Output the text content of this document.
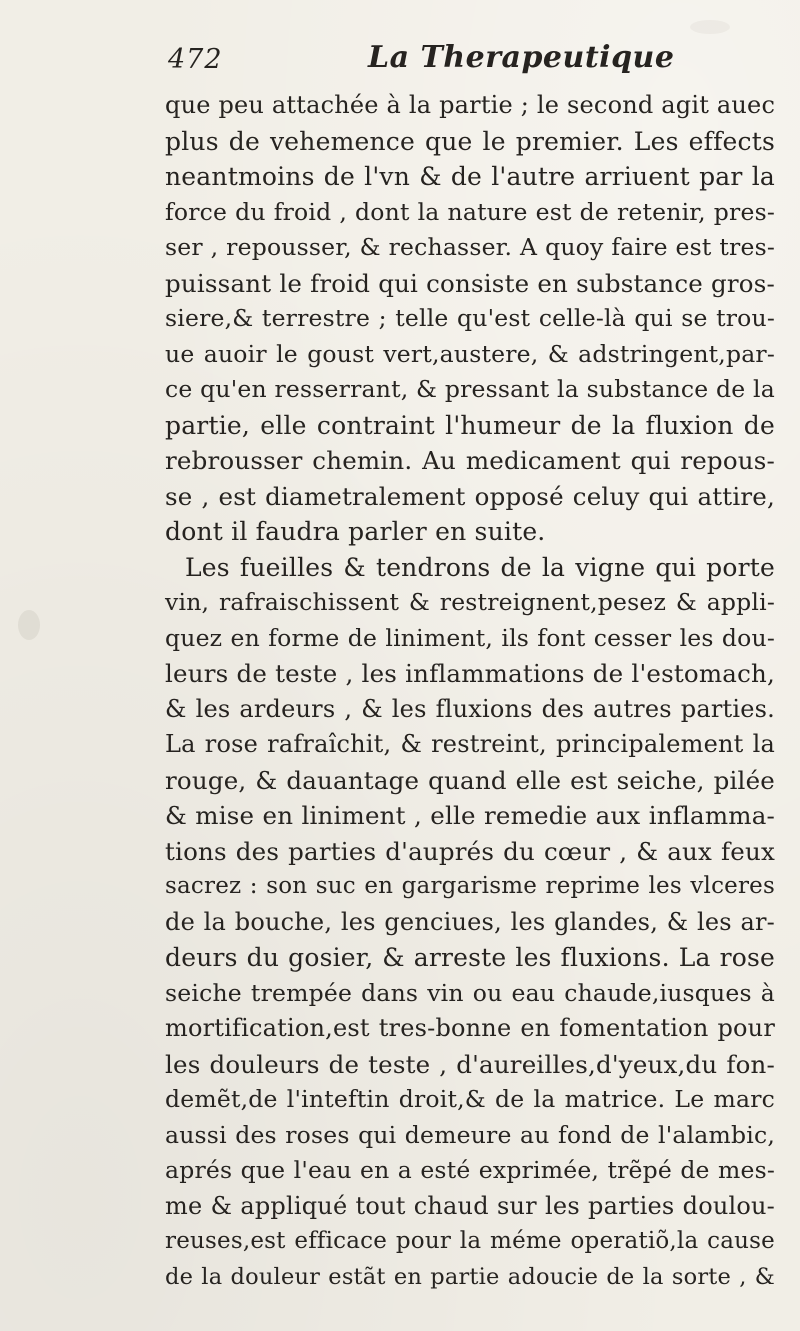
472	La Therapeutique
que peu attachée à la partie ; le second agit auec
plus de vehemence que le premier. Les effects
neantmoins de l'vn & de l'autre arriuent par la
force du froid , dont la nature est de retenir, pres-
ser , repousser, & rechasser. A quoy faire est tres-
puissant le froid qui consiste en substance gros-
siere,& terrestre ; telle qu'est celle-là qui se trou-
ue auoir le goust vert,austere, & adstringent,par-
ce qu'en resserrant, & pressant la substance de la
partie, elle contraint l'humeur de la fluxion de
rebrousser chemin. Au medicament qui repous-
se , est diametralement opposé celuy qui attire,
dont il faudra parler en suite.
Les fueilles & tendrons de la vigne qui porte
vin, rafraischissent & restreignent,pesez & appli-
quez en forme de liniment, ils font cesser les dou-
leurs de teste , les inflammations de l'estomach,
& les ardeurs , & les fluxions des autres parties.
La rose rafraîchit, & restreint, principalement la
rouge, & dauantage quand elle est seiche, pilée
& mise en liniment , elle remedie aux inflamma-
tions des parties d'auprés du cœur , & aux feux
sacrez : son suc en gargarisme reprime les vlceres
de la bouche, les genciues, les glandes, & les ar-
deurs du gosier, & arreste les fluxions. La rose
seiche trempée dans vin ou eau chaude,iusques à
mortification,est tres-bonne en fomentation pour
les douleurs de teste , d'aureilles,d'yeux,du fon-
demẽt,de l'inteftin droit,& de la matrice. Le marc
aussi des roses qui demeure au fond de l'alambic,
aprés que l'eau en a esté exprimée, trẽpé de mes-
me & appliqué tout chaud sur les parties doulou-
reuses,est efficace pour la méme operatiõ,la cause
de la douleur estãt en partie adoucie de la sorte , &
